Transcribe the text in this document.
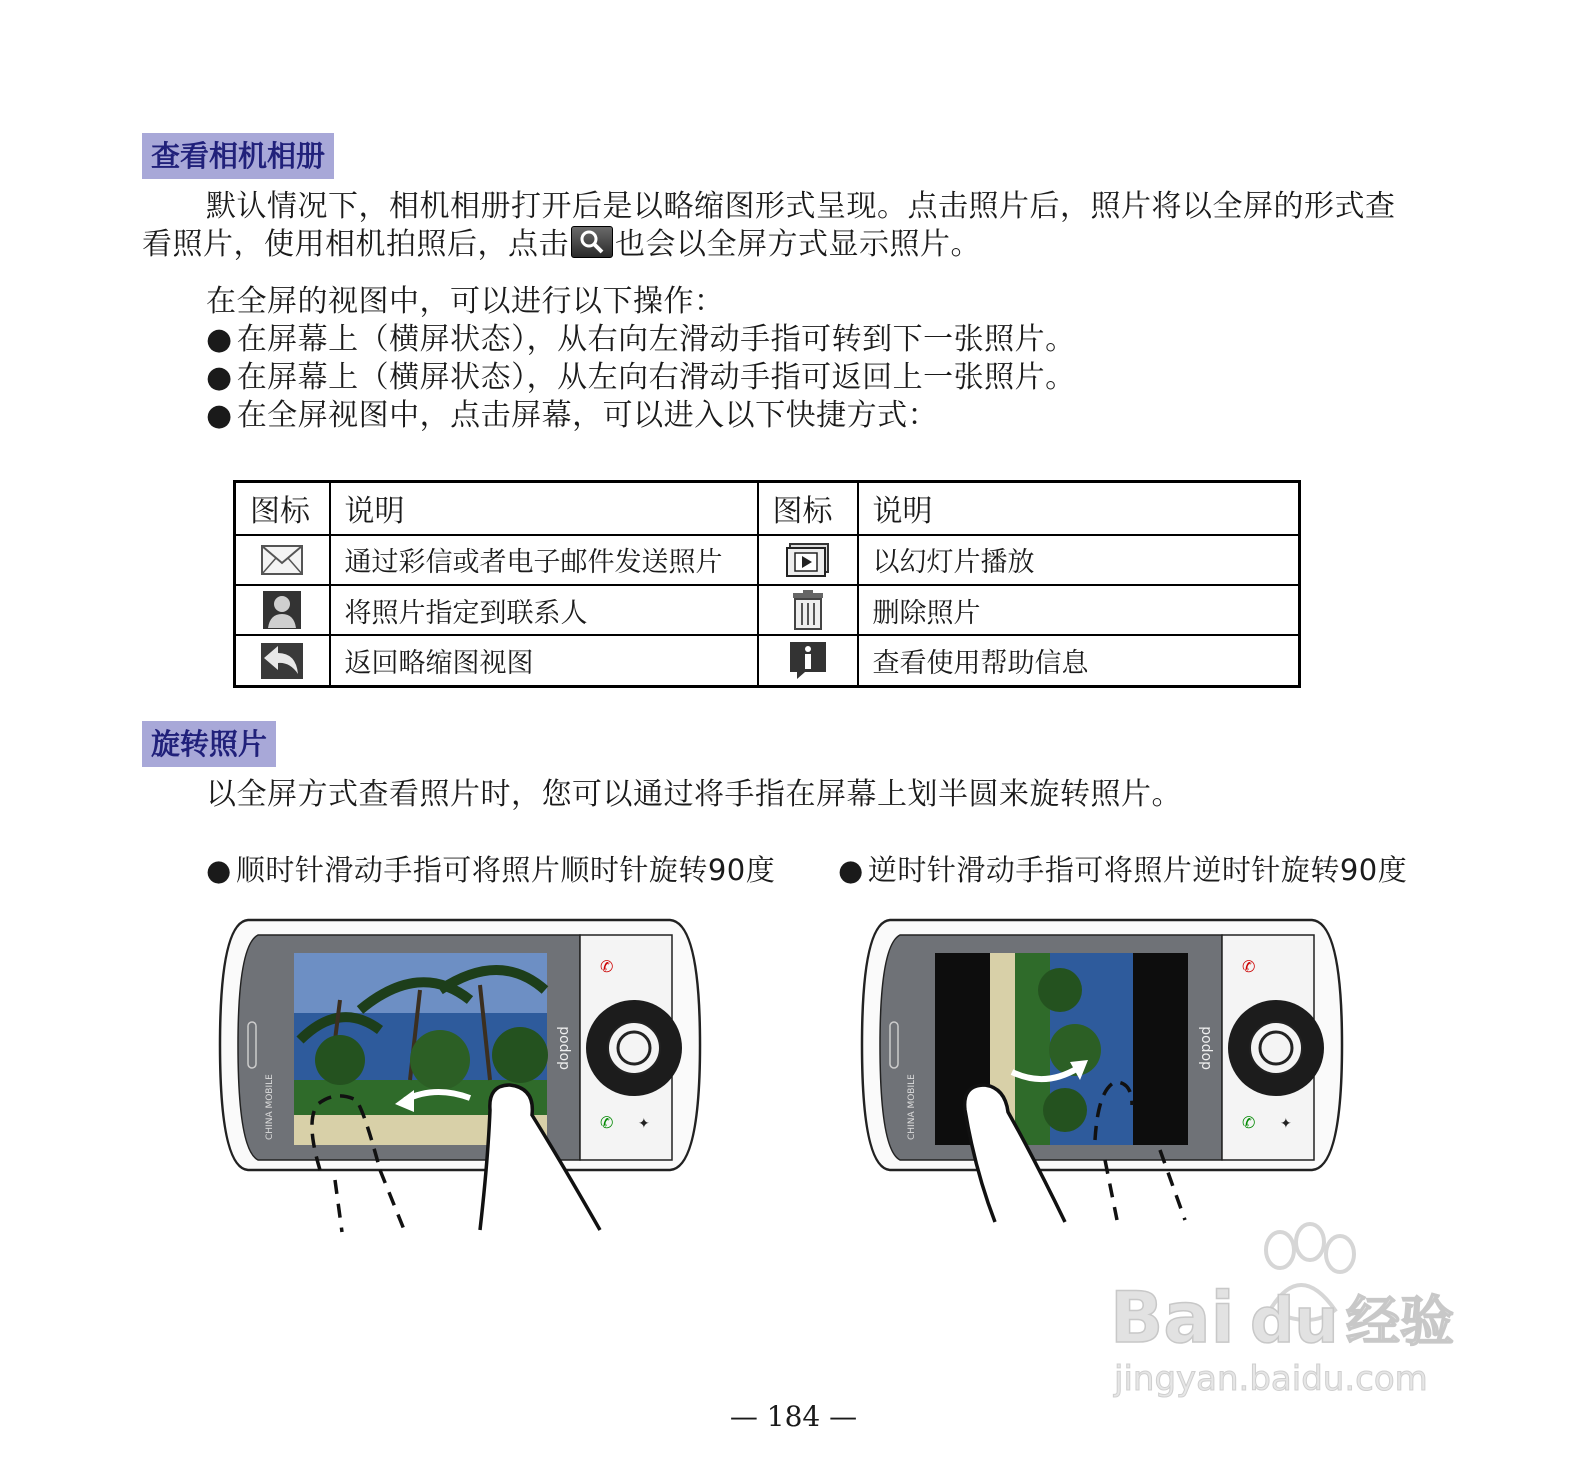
查看相机相册
默认情况下，相机相册打开后是以略缩图形式呈现。点击照片后，照片将以全屏的形式查
看照片，使用相机拍照后，点击 也会以全屏方式显示照片。
在全屏的视图中，可以进行以下操作：
● 在屏幕上（横屏状态），从右向左滑动手指可转到下一张照片。
● 在屏幕上（横屏状态），从左向右滑动手指可返回上一张照片。
● 在全屏视图中，点击屏幕，可以进入以下快捷方式：
图标	说明	图标	说明
	通过彩信或者电子邮件发送照片		以幻灯片播放
	将照片指定到联系人		删除照片
	返回略缩图视图		查看使用帮助信息
旋转照片
以全屏方式查看照片时，您可以通过将手指在屏幕上划半圆来旋转照片。
● 顺时针滑动手指可将照片顺时针旋转90度	● 逆时针滑动手指可将照片逆时针旋转90度
✆
✆ ✦
dopod
CHINA MOBILE
✆
✆ ✦
dopod
CHINA MOBILE
Bai du 经验
jingyan.baidu.com
— 184 —
